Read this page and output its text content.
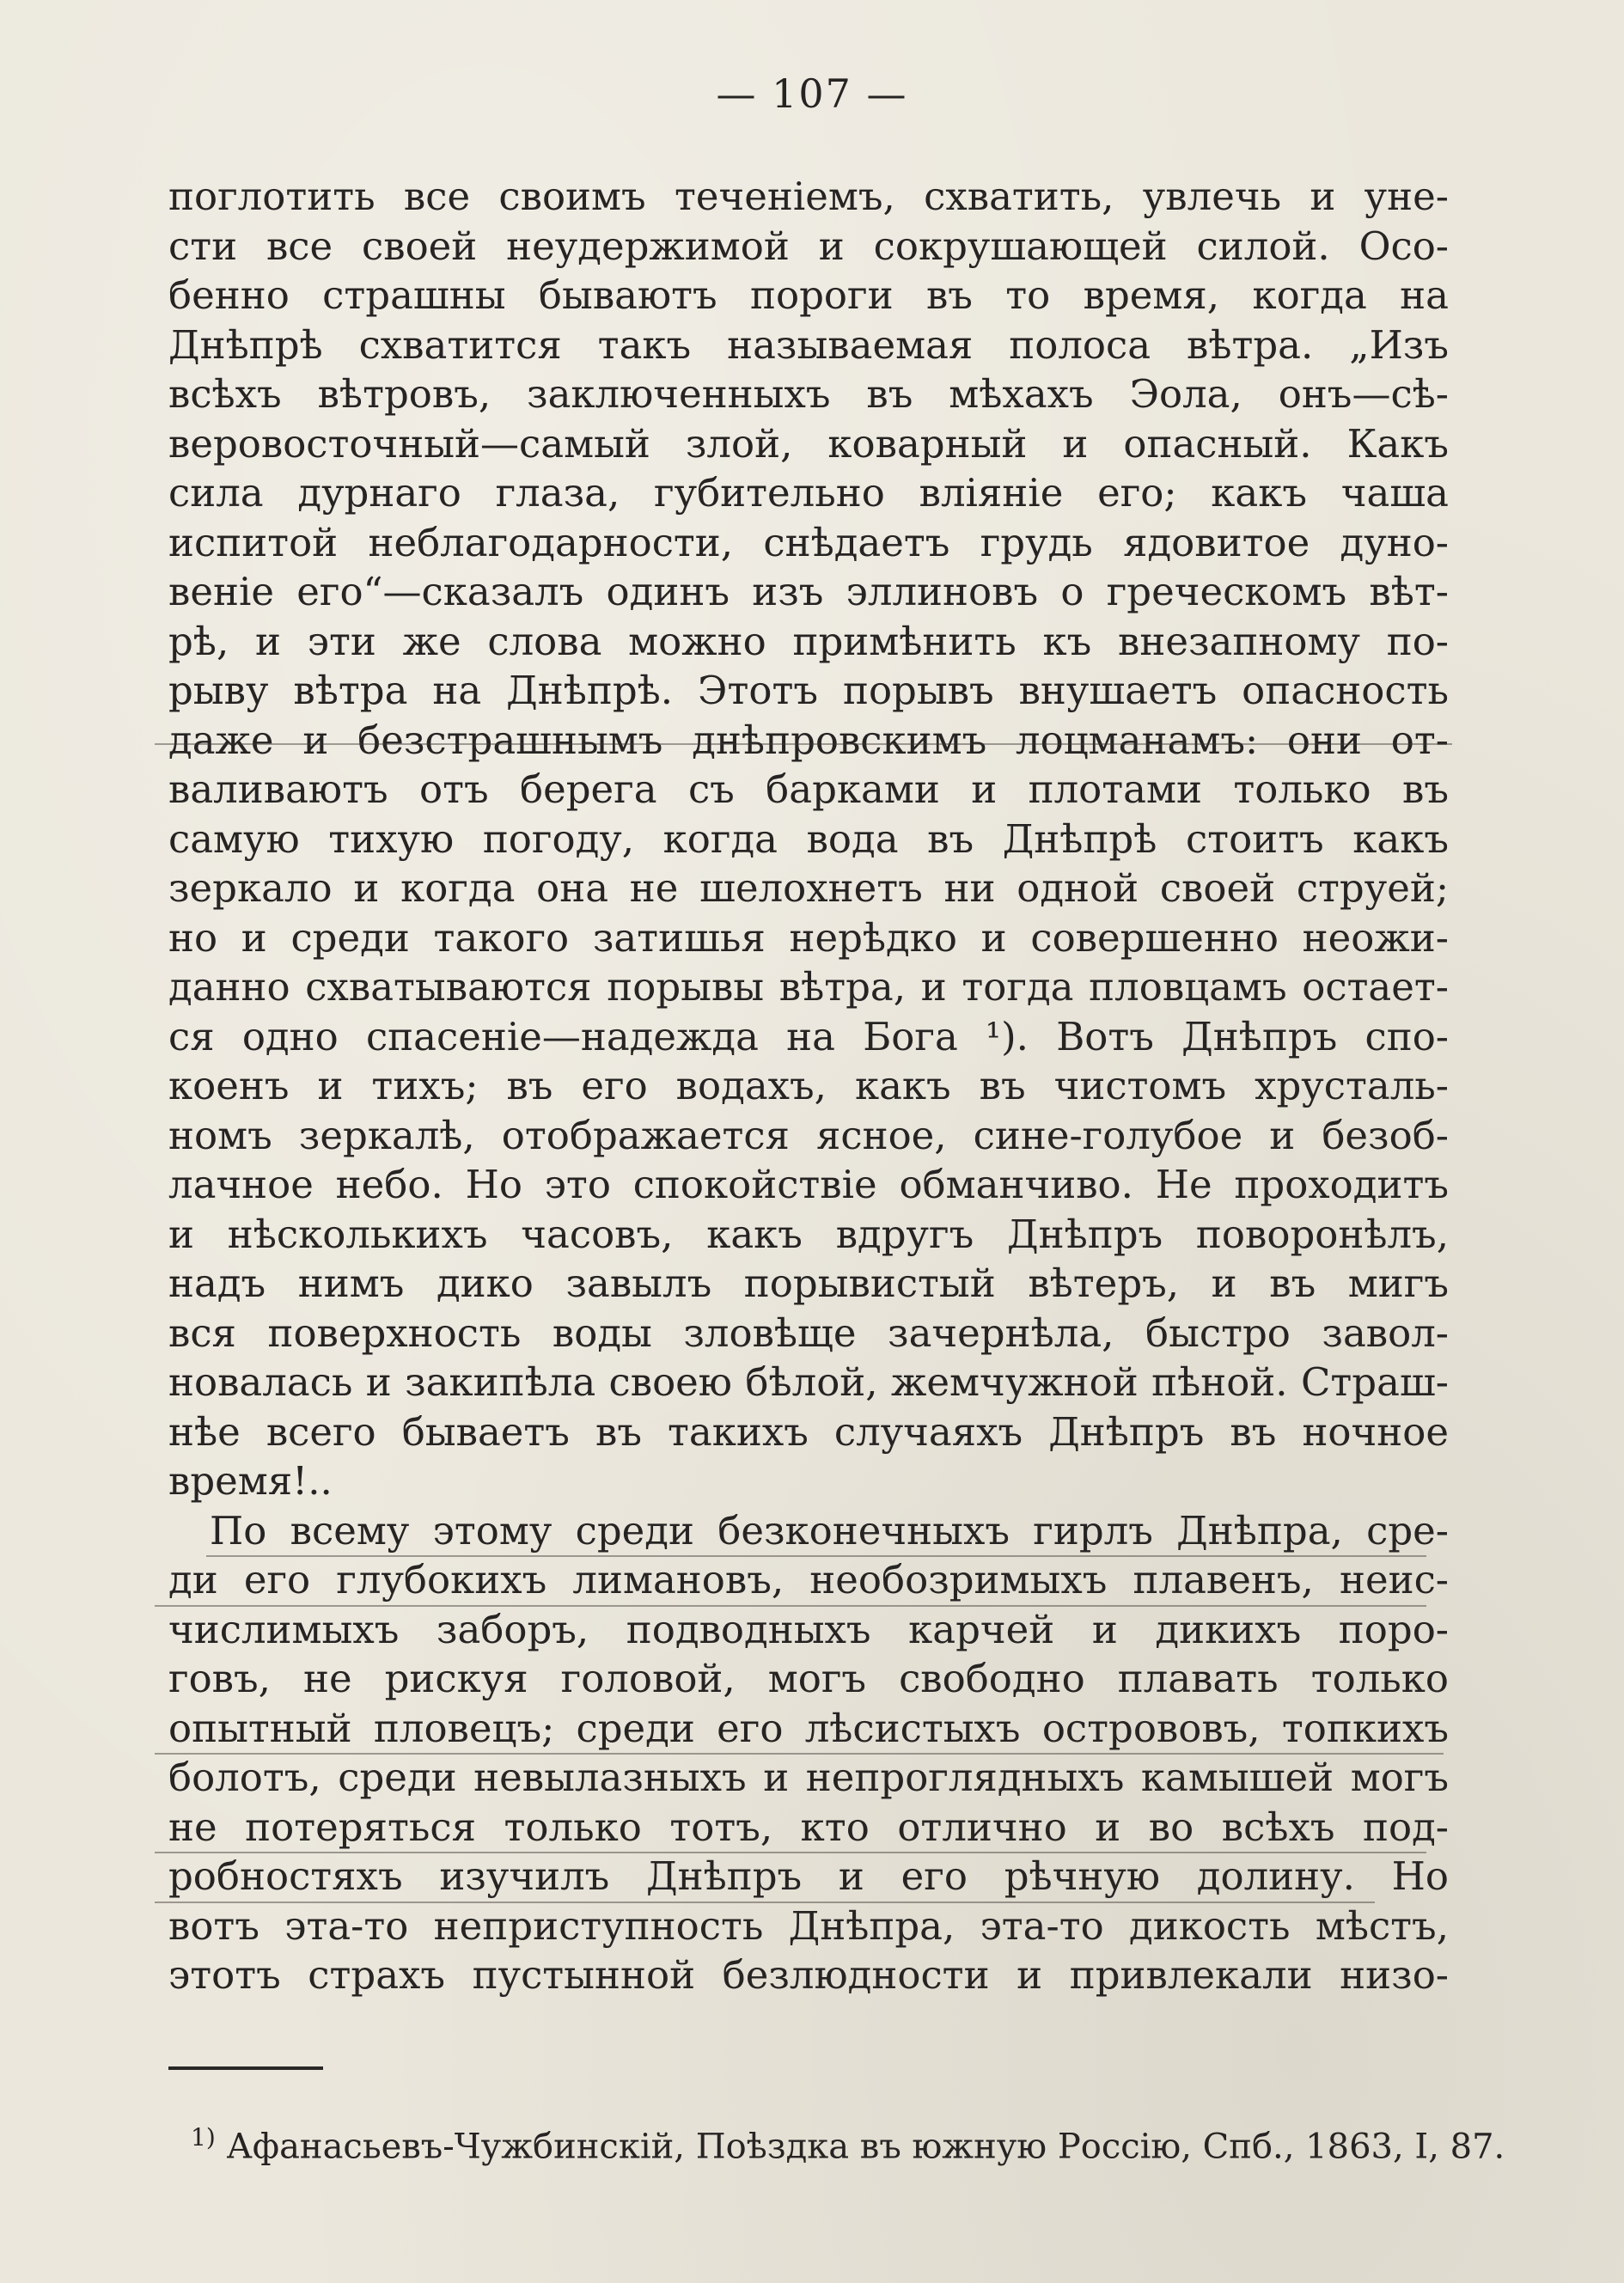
— 107 —
поглотить все своимъ теченіемъ, схватить, увлечь и уне-
сти все своей неудержимой и сокрушающей силой. Осо-
бенно страшны бываютъ пороги въ то время, когда на
Днѣпрѣ схватится такъ называемая полоса вѣтра. „Изъ
всѣхъ вѣтровъ, заключенныхъ въ мѣхахъ Эола, онъ—сѣ-
веровосточный—самый злой, коварный и опасный. Какъ
сила дурнаго глаза, губительно вліяніе его; какъ чаша
испитой неблагодарности, снѣдаетъ грудь ядовитое дуно-
веніе его“—сказалъ одинъ изъ эллиновъ о греческомъ вѣт-
рѣ, и эти же слова можно примѣнить къ внезапному по-
рыву вѣтра на Днѣпрѣ. Этотъ порывъ внушаетъ опасность
даже и безстрашнымъ днѣпровскимъ лоцманамъ: они от-
валиваютъ отъ берега съ барками и плотами только въ
самую тихую погоду, когда вода въ Днѣпрѣ стоитъ какъ
зеркало и когда она не шелохнетъ ни одной своей струей;
но и среди такого затишья нерѣдко и совершенно неожи-
данно схватываются порывы вѣтра, и тогда пловцамъ остает-
ся одно спасеніе—надежда на Бога ¹). Вотъ Днѣпръ спо-
коенъ и тихъ; въ его водахъ, какъ въ чистомъ хрусталь-
номъ зеркалѣ, отображается ясное, сине-голубое и безоб-
лачное небо. Но это спокойствіе обманчиво. Не проходитъ
и нѣсколькихъ часовъ, какъ вдругъ Днѣпръ поворонѣлъ,
надъ нимъ дико завылъ порывистый вѣтеръ, и въ мигъ
вся поверхность воды зловѣще зачернѣла, быстро завол-
новалась и закипѣла своею бѣлой, жемчужной пѣной. Страш-
нѣе всего бываетъ въ такихъ случаяхъ Днѣпръ въ ночное
время!..
По всему этому среди безконечныхъ гирлъ Днѣпра, сре-
ди его глубокихъ лимановъ, необозримыхъ плавенъ, неис-
числимыхъ заборъ, подводныхъ карчей и дикихъ поро-
говъ, не рискуя головой, могъ свободно плавать только
опытный пловецъ; среди его лѣсистыхъ острововъ, топкихъ
болотъ, среди невылазныхъ и непроглядныхъ камышей могъ
не потеряться только тотъ, кто отлично и во всѣхъ под-
робностяхъ изучилъ Днѣпръ и его рѣчную долину. Но
вотъ эта-то неприступность Днѣпра, эта-то дикость мѣстъ,
этотъ страхъ пустынной безлюдности и привлекали низо-
$^{1)}$ Афанасьевъ-Чужбинскій, Поѣздка въ южную Россію, Спб., 1863, I, 87.
